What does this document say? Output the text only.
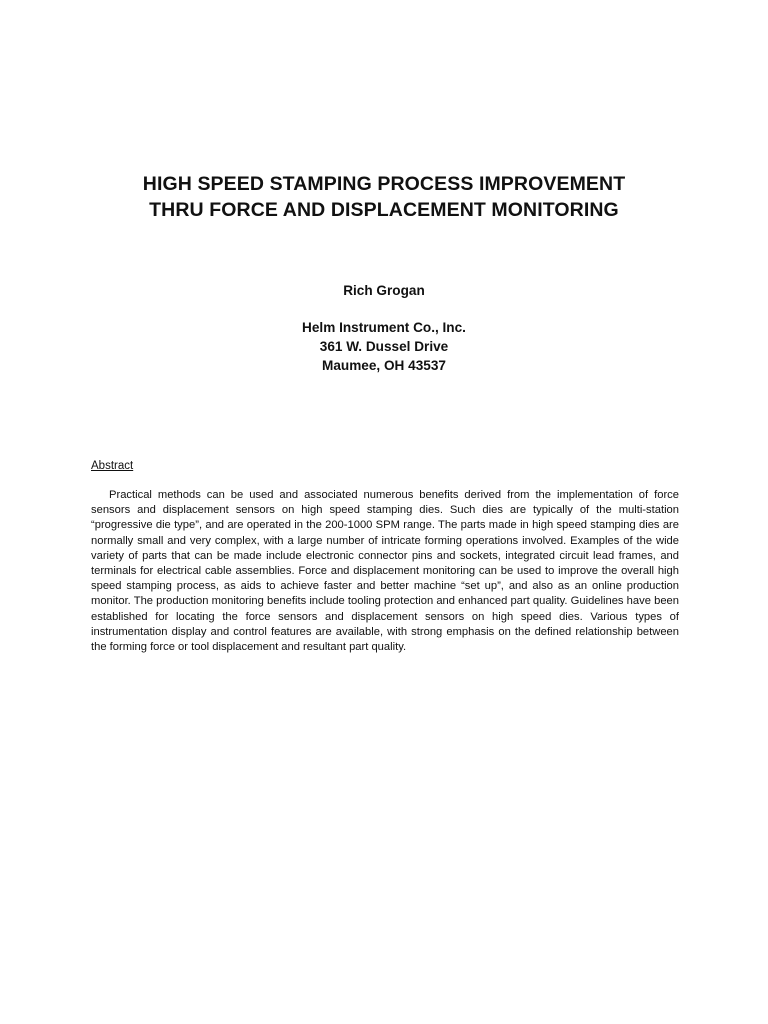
HIGH SPEED STAMPING PROCESS IMPROVEMENT
THRU FORCE AND DISPLACEMENT MONITORING
Rich Grogan
Helm Instrument Co., Inc.
361 W. Dussel Drive
Maumee, OH 43537
Abstract

Practical methods can be used and associated numerous benefits derived from the implementation of force sensors and displacement sensors on high speed stamping dies. Such dies are typically of the multi-station “progressive die type”, and are operated in the 200-1000 SPM range. The parts made in high speed stamping dies are normally small and very complex, with a large number of intricate forming operations involved. Examples of the wide variety of parts that can be made include electronic connector pins and sockets, integrated circuit lead frames, and terminals for electrical cable assemblies. Force and displacement monitoring can be used to improve the overall high speed stamping process, as aids to achieve faster and better machine “set up”, and also as an online production monitor. The production monitoring benefits include tooling protection and enhanced part quality. Guidelines have been established for locating the force sensors and displacement sensors on high speed dies. Various types of instrumentation display and control features are available, with strong emphasis on the defined relationship between the forming force or tool displacement and resultant part quality.
